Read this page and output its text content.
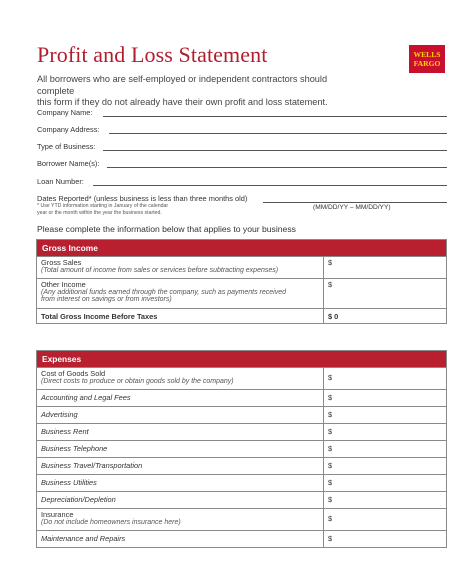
Profit and Loss Statement	WELLS
FARGO
All borrowers who are self-employed or independent contractors should complete
this form if they do not already have their own profit and loss statement.
Company Name:
Company Address:
Type of Business:
Borrower Name(s):
Loan Number:
Dates Reported* (unless business is less than three months old)
* Use YTD information starting in January of the calendar
year or the month within the year the business started.
(MM/DD/YY – MM/DD/YY)
Please complete the information below that applies to your business
Gross Income	
Gross Sales
(Total amount of income from sales or services before subtracting expenses)	$
Other Income
(Any additional funds earned through the company, such as payments received
from interest on savings or from investors)	$
Total Gross Income Before Taxes	$ 0
Expenses	
Cost of Goods Sold
(Direct costs to produce or obtain goods sold by the company)	$
Accounting and Legal Fees	$
Advertising	$
Business Rent	$
Business Telephone	$
Business Travel/Transportation	$
Business Utilities	$
Depreciation/Depletion	$
Insurance
(Do not include homeowners insurance here)	$
Maintenance and Repairs	$
